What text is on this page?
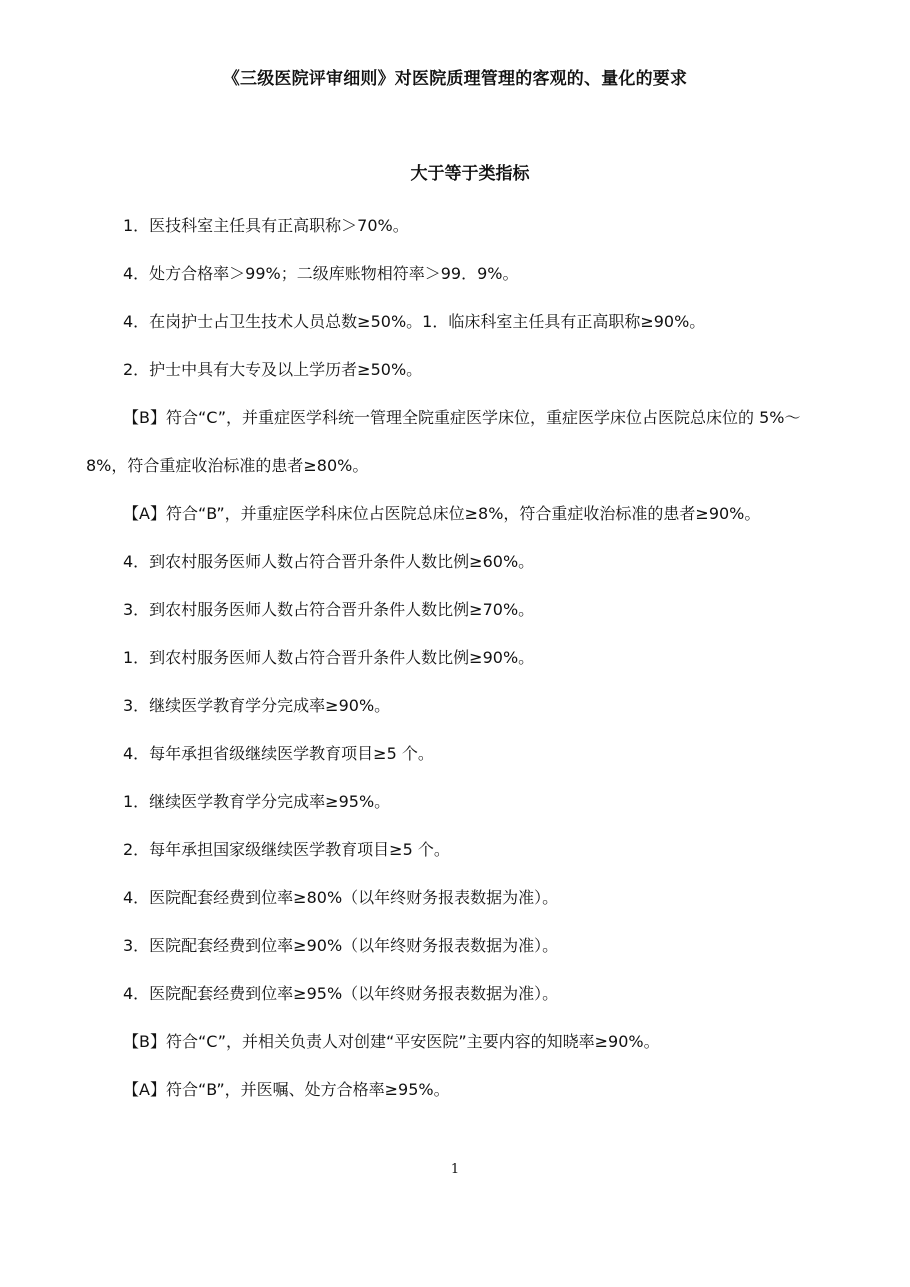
《三级医院评审细则》对医院质理管理的客观的、量化的要求
大于等于类指标

1．医技科室主任具有正高职称＞70%。

4．处方合格率＞99%；二级库账物相符率＞99．9%。

4．在岗护士占卫生技术人员总数≥50%。1．临床科室主任具有正高职称≥90%。

2．护士中具有大专及以上学历者≥50%。

【B】符合“C”，并重症医学科统一管理全院重症医学床位，重症医学床位占医院总床位的 5%～8%，符合重症收治标准的患者≥80%。

【A】符合“B”，并重症医学科床位占医院总床位≥8%，符合重症收治标准的患者≥90%。

4．到农村服务医师人数占符合晋升条件人数比例≥60%。

3．到农村服务医师人数占符合晋升条件人数比例≥70%。

1．到农村服务医师人数占符合晋升条件人数比例≥90%。

3．继续医学教育学分完成率≥90%。

4．每年承担省级继续医学教育项目≥5 个。

1．继续医学教育学分完成率≥95%。

2．每年承担国家级继续医学教育项目≥5 个。

4．医院配套经费到位率≥80%（以年终财务报表数据为准）。

3．医院配套经费到位率≥90%（以年终财务报表数据为准）。

4．医院配套经费到位率≥95%（以年终财务报表数据为准）。

【B】符合“C”，并相关负责人对创建“平安医院”主要内容的知晓率≥90%。

【A】符合“B”，并医嘱、处方合格率≥95%。

1
